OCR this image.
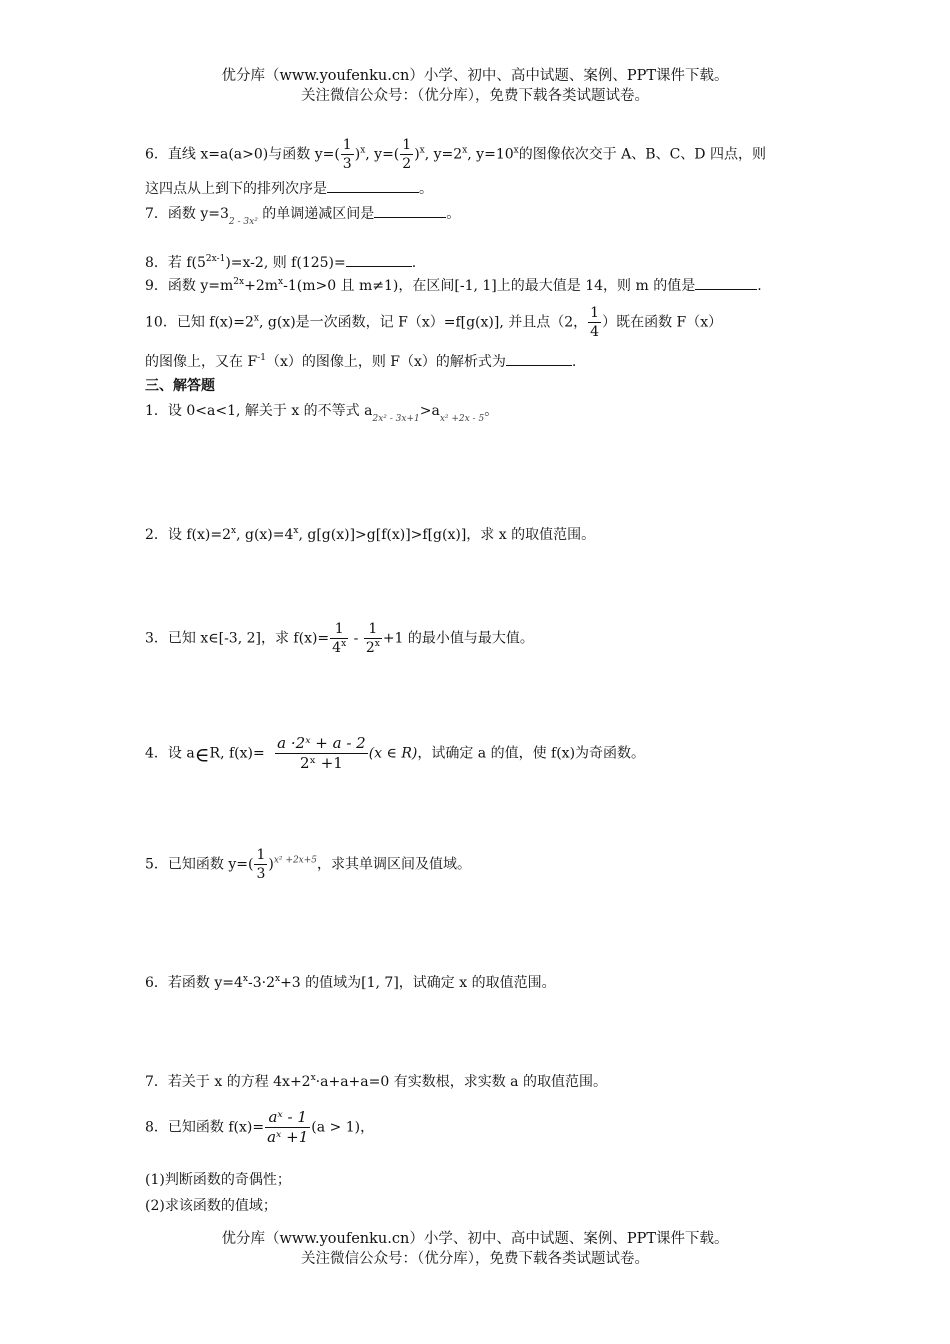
优分库（www.youfenku.cn）小学、初中、高中试题、案例、PPT课件下载。
关注微信公众号：（优分库），免费下载各类试题试卷。
6．直线 x=a(a>0)与函数 $y=( \frac{1}{3} )^x$, $y=( \frac{1}{2} )^x$, $y=2^x$, $y=10^x$的图像依次交于 A、B、C、D 四点，则
这四点从上到下的排列次序是	。
7．函数 $y=3_{2 - 3x^2}$ 的单调递减区间是	。
8．若 $f(5^{2x-1})=x-2$, 则 f(125)=	.
9．函数 $y=m^{2x}+2m^x-1(m>0$ 且 m≠1)，在区间[-1, 1]上的最大值是 14，则 m 的值是	.
10．已知 $f(x)=2^x$, g(x)是一次函数，记 F（x）=f[g(x)], 并且点（2， $\frac{1}{4}$ ）既在函数 F（x）
的图像上，又在 $F^{-1}(x)$的图像上，则 F（x）的解析式为	.
三、解答题
1．设 0<a<1, 解关于 x 的不等式 $a_{2x^2 - 3x+1}>a_{x^2 +2x - 5}$。
2．设 $f(x)=2^x$, $g(x)=4^x$, g[g(x)]>g[f(x)]>f[g(x)]，求 x 的取值范围。
3．已知 x∈[-3, 2]，求 $f(x)= \frac{1}{4^x} - \frac{1}{2^x} +1$ 的最小值与最大值。
4．设 a∈R, $f(x)= \frac{\text{a ·2ˣ + a - 2}}{\text{2ˣ +1}} (x$ ∈ R)，试确定 a 的值，使 f(x)为奇函数。
5．已知函数 $y=( \frac{1}{3} )^{x^2 +2x+5}$，求其单调区间及值域。
6．若函数 $y=4^x-3\cdot 2^x+3$ 的值域为[1, 7]，试确定 x 的取值范围。
7．若关于 x 的方程 $4x+2^x\cdot a+a+a=0$ 有实数根，求实数 a 的取值范围。
8．已知函数 $f(x)= \frac{\text{aˣ - 1}}{\text{aˣ +1}} (a > 1)$，
(1)判断函数的奇偶性；
(2)求该函数的值域；
优分库（www.youfenku.cn）小学、初中、高中试题、案例、PPT课件下载。
关注微信公众号：（优分库），免费下载各类试题试卷。
